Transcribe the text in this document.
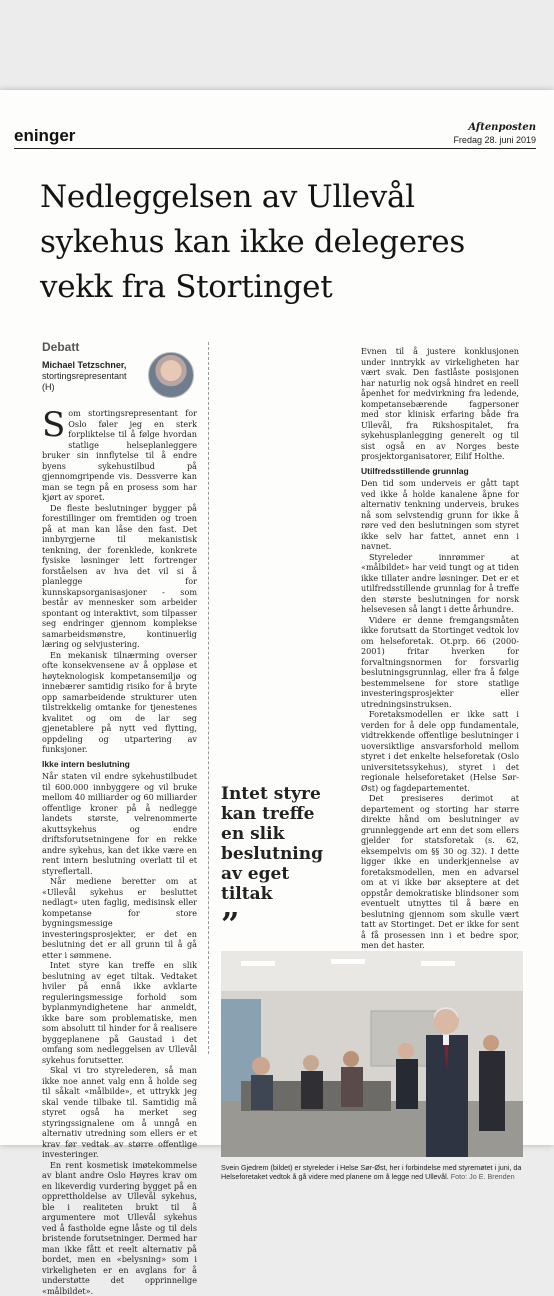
eninger	Aftenposten
Fredag 28. juni 2019
Nedleggelsen av Ullevål sykehus kan ikke delegeres vekk fra Stortinget
Debatt
Michael Tetzschner,
stortingsrepresentant
(H)

Som stortingsrepresentant for Oslo føler jeg en sterk forpliktelse til å følge hvordan statlige helseplanleggere bruker sin innflytelse til å endre byens sykehustilbud på gjennomgripende vis. Dessverre kan man se tegn på en prosess som har kjørt av sporet.

De fleste beslutninger bygger på forestillinger om fremtiden og troen på at man kan låse den fast. Det innbyrgjerne til mekanistisk tenkning, der forenklede, konkrete fysiske løsninger lett fortrenger forståelsen av hva det vil si å planlegge for kunnskapsorganisasjoner - som består av mennesker som arbeider spontant og interaktivt, som tilpasser seg endringer gjennom komplekse samarbeidsmønstre, kontinuerlig læring og selvjustering.

En mekanisk tilnærming overser ofte konsekvensene av å oppløse et høyteknologisk kompetansemiljø og innebærer samtidig risiko for å bryte opp samarbeidende strukturer uten tilstrekkelig omtanke for tjenestenes kvalitet og om de lar seg gjenetablere på nytt ved flytting, oppdeling og utpartering av funksjoner.

Ikke intern beslutning

Når staten vil endre sykehustilbudet til 600.000 innbyggere og vil bruke mellom 40 milliarder og 60 milliarder offentlige kroner på å nedlegge landets største, velrenommerte akuttsykehus og endre driftsforutsetningene for en rekke andre sykehus, kan det ikke være en rent intern beslutning overlatt til et styreflertall.

Når mediene beretter om at «Ullevål sykehus er besluttet nedlagt» uten faglig, medisinsk eller kompetanse for store bygningsmessige investeringsprosjekter, er det en beslutning det er all grunn til å gå etter i sømmene.

Intet styre kan treffe en slik beslutning av eget tiltak. Vedtaket hviler på ennå ikke avklarte reguleringsmessige forhold som byplanmyndighetene har anmeldt, ikke bare som problematiske, men som absolutt til hinder for å realisere byggeplanene på Gaustad i det omfang som nedleggelsen av Ullevål sykehus forutsetter.

Skal vi tro styrelederen, så man ikke noe annet valg enn å holde seg til såkalt «målbilde», et uttrykk jeg skal vende tilbake til. Samtidig må styret også ha merket seg styringssignalene om å unngå en alternativ utredning som ellers er et krav før vedtak av større offentlige investeringer.

En rent kosmetisk imøtekommelse av blant andre Oslo Høyres krav om en likeverdig vurdering bygget på en opprettholdelse av Ullevål sykehus, ble i realiteten brukt til å argumentere mot Ullevål sykehus ved å fastholde egne låste og til dels bristende forutsetninger. Dermed har man ikke fått et reelt alternativ på bordet, men en «belysning» som i virkeligheten er en avglans for å understøtte det opprinnelige «målbildet».

Evnen til å justere konklusjonen under inntrykk av virkeligheten har vært svak. Den fastlåste posisjonen har naturlig nok også hindret en reell åpenhet for medvirkning fra ledende, kompetansebærende fagpersoner med stor klinisk erfaring både fra Ullevål, fra Rikshospitalet, fra sykehusplanlegging generelt og til sist også en av Norges beste prosjektorganisatorer, Eilif Holthe.

Utilfredsstillende grunnlag

Den tid som underveis er gått tapt ved ikke å holde kanalene åpne for alternativ tenkning underveis, brukes nå som selvstendig grunn for ikke å røre ved den beslutningen som styret ikke selv har fattet, annet enn i navnet.

Styreleder innrømmer at «målbildet» har veid tungt og at tiden ikke tillater andre løsninger. Det er et utilfredsstillende grunnlag for å treffe den største beslutningen for norsk helsevesen så langt i dette århundre.

Videre er denne fremgangsmåten ikke forutsatt da Stortinget vedtok lov om helseforetak. Ot.prp. 66 (2000-2001) fritar hverken for forvaltningsnormen for forsvarlig beslutningsgrunnlag, eller fra å følge bestemmelsene for store statlige investeringsprosjekter eller utredningsinstruksen.

Foretaksmodellen er ikke satt i verden for å dele opp fundamentale, vidtrekkende offentlige beslutninger i uoversiktlige ansvarsforhold mellom styret i det enkelte helseforetak (Oslo universitetssykehus), styret i det regionale helseforetaket (Helse Sør-Øst) og fagdepartementet.

Det presiseres derimot at departement og storting har større direkte hånd om beslutninger av grunnleggende art enn det som ellers gjelder for statsforetak (s. 62, eksempelvis om §§ 30 og 32). I dette ligger ikke en underkjennelse av foretaksmodellen, men en advarsel om at vi ikke bør akseptere at det oppstår demokratiske blindsoner som eventuelt utnyttes til å bære en beslutning gjennom som skulle vært tatt av Stortinget. Det er ikke for sent å få prosessen inn i et bedre spor, men det haster.

Intet styre kan treffe en slik beslutning av eget tiltak
”
Svein Gjedrem (bildet) er styreleder i Helse Sør-Øst, her i forbindelse med styremøtet i juni, da Helseforetaket vedtok å gå videre med planene om å legge ned Ullevål. Foto: Jo E. Brenden
